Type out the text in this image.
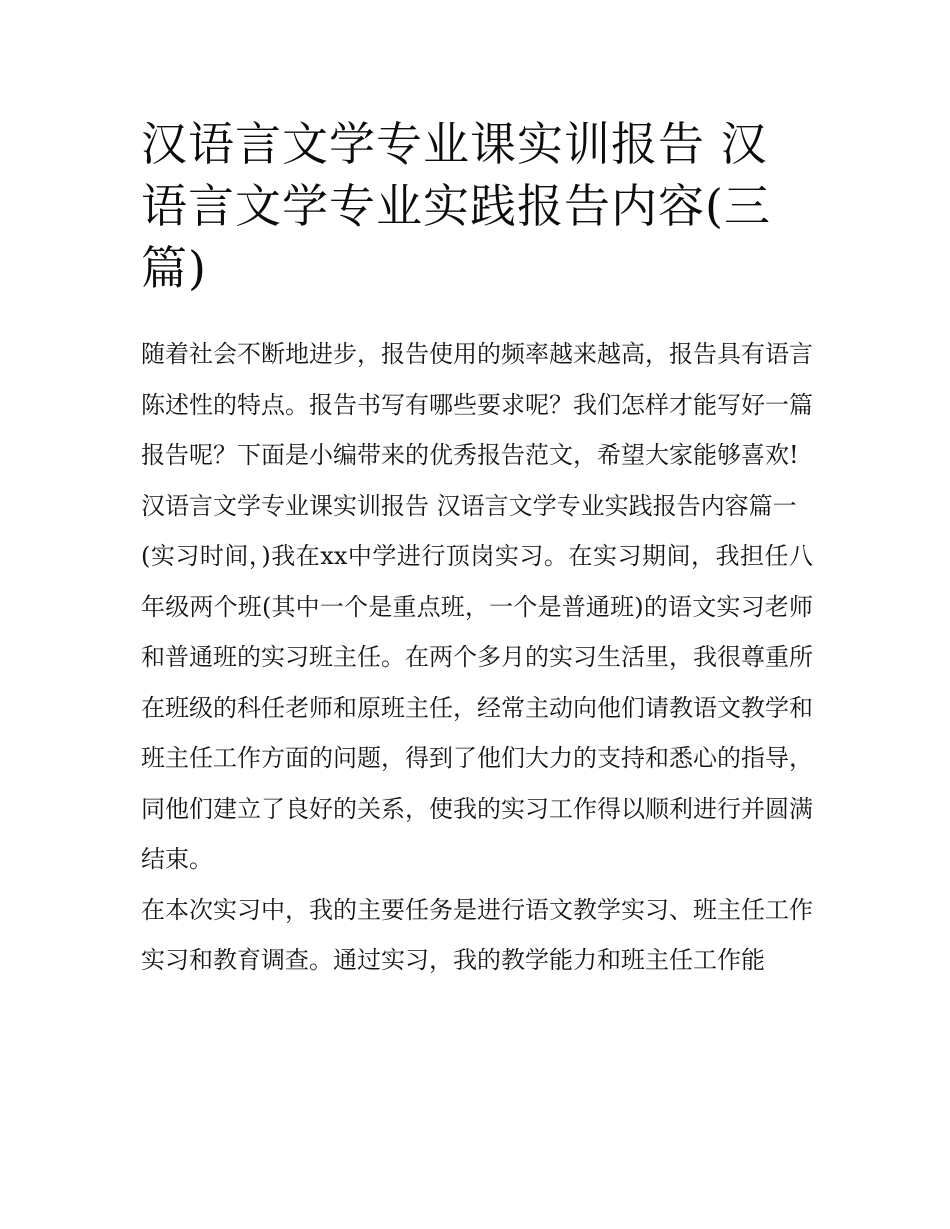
汉语言文学专业课实训报告 汉语言文学专业实践报告内容(三篇)

随着社会不断地进步，报告使用的频率越来越高，报告具有语言陈述性的特点。报告书写有哪些要求呢？我们怎样才能写好一篇报告呢？下面是小编带来的优秀报告范文，希望大家能够喜欢!

汉语言文学专业课实训报告 汉语言文学专业实践报告内容篇一

(实习时间，)我在xx中学进行顶岗实习。在实习期间，我担任八年级两个班(其中一个是重点班，一个是普通班)的语文实习老师和普通班的实习班主任。在两个多月的实习生活里，我很尊重所在班级的科任老师和原班主任，经常主动向他们请教语文教学和班主任工作方面的问题，得到了他们大力的支持和悉心的指导，同他们建立了良好的关系，使我的实习工作得以顺利进行并圆满结束。

在本次实习中，我的主要任务是进行语文教学实习、班主任工作实习和教育调查。通过实习，我的教学能力和班主任工作能
